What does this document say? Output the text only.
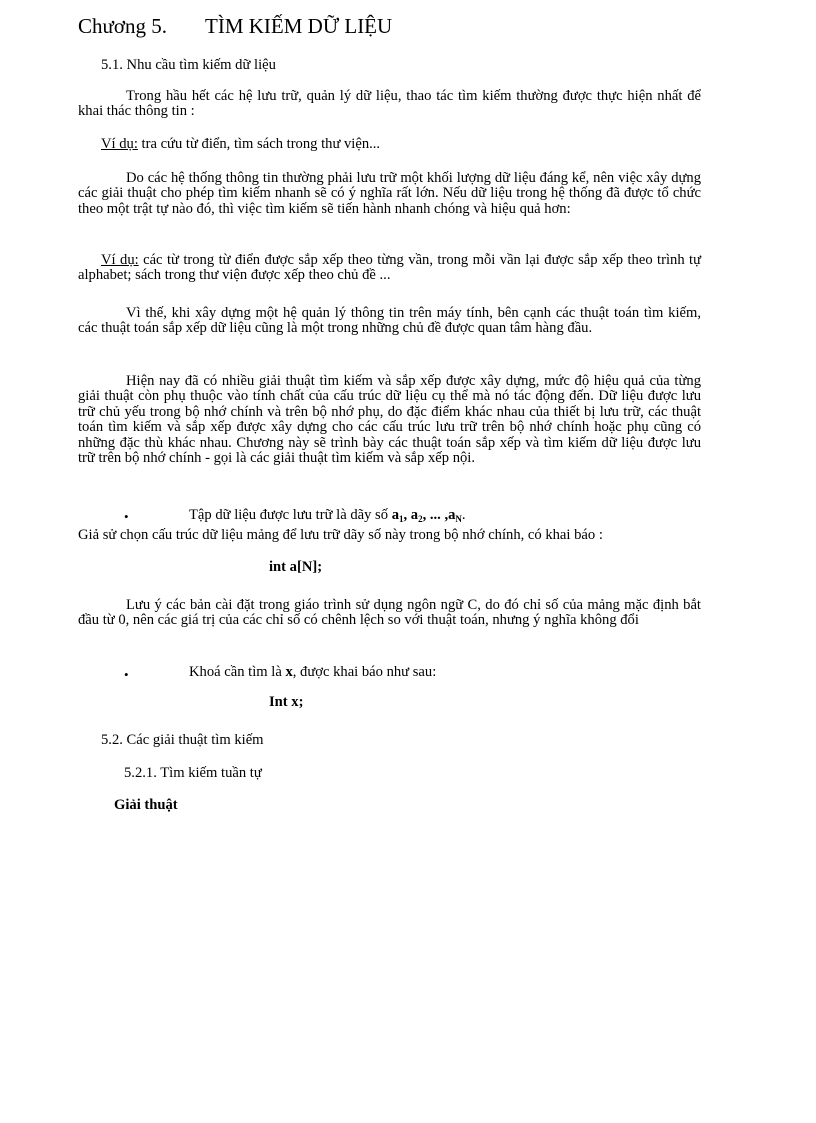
Chương 5. TÌM KIẾM DỮ LIỆU
5.1. Nhu cầu tìm kiếm dữ liệu

Trong hầu hết các hệ lưu trữ, quản lý dữ liệu, thao tác tìm kiếm thường được thực hiện nhất để khai thác thông tin :

Ví dụ: tra cứu từ điển, tìm sách trong thư viện...

Do các hệ thống thông tin thường phải lưu trữ một khối lượng dữ liệu đáng kể, nên việc xây dựng các giải thuật cho phép tìm kiếm nhanh sẽ có ý nghĩa rất lớn. Nếu dữ liệu trong hệ thống đã được tổ chức theo một trật tự nào đó, thì việc tìm kiếm sẽ tiến hành nhanh chóng và hiệu quả hơn:

Ví dụ: các từ trong từ điển được sắp xếp theo từng vần, trong mỗi vần lại được sắp xếp theo trình tự alphabet; sách trong thư viện được xếp theo chủ đề ...

Vì thế, khi xây dựng một hệ quản lý thông tin trên máy tính, bên cạnh các thuật toán tìm kiếm, các thuật toán sắp xếp dữ liệu cũng là một trong những chủ đề được quan tâm hàng đầu.

Hiện nay đã có nhiều giải thuật tìm kiếm và sắp xếp được xây dựng, mức độ hiệu quả của từng giải thuật còn phụ thuộc vào tính chất của cấu trúc dữ liệu cụ thể mà nó tác động đến. Dữ liệu được lưu trữ chủ yếu trong bộ nhớ chính và trên bộ nhớ phụ, do đặc điểm khác nhau của thiết bị lưu trữ, các thuật toán tìm kiếm và sắp xếp được xây dựng cho các cấu trúc lưu trữ trên bộ nhớ chính hoặc phụ cũng có những đặc thù khác nhau. Chương này sẽ trình bày các thuật toán sắp xếp và tìm kiếm dữ liệu được lưu trữ trên bộ nhớ chính - gọi là các giải thuật tìm kiếm và sắp xếp nội.

•	Tập dữ liệu được lưu trữ là dãy số $a_1$, $a_2$, ... $,a_N$.
Giả sử chọn cấu trúc dữ liệu mảng để lưu trữ dãy số này trong bộ nhớ chính, có khai báo :
int a[N];

Lưu ý các bản cài đặt trong giáo trình sử dụng ngôn ngữ C, do đó chỉ số của mảng mặc định bắt đầu từ 0, nên các giá trị của các chỉ số có chênh lệch so với thuật toán, nhưng ý nghĩa không đổi

•	Khoá cần tìm là x, được khai báo như sau:
Int x;
5.2. Các giải thuật tìm kiếm
5.2.1. Tìm kiếm tuần tự
Giải thuật
